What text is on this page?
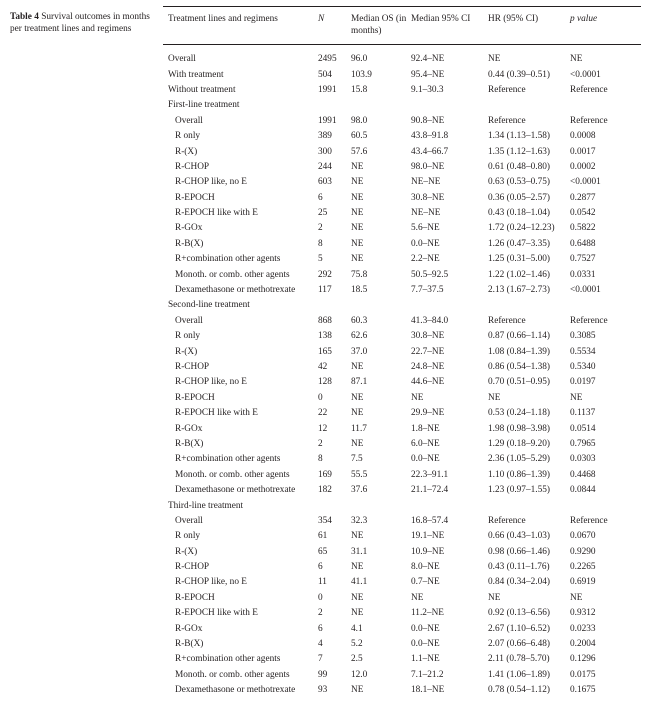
Table 4 Survival outcomes in months per treatment lines and regimens
Treatment lines and regimens	N	Median OS (in months)	Median 95% CI	HR (95% CI)	p value

Overall	2495	96.0	92.4–NE	NE	NE
With treatment	504	103.9	95.4–NE	0.44 (0.39–0.51)	<0.0001
Without treatment	1991	15.8	9.1–30.3	Reference	Reference
First-line treatment					
Overall	1991	98.0	90.8–NE	Reference	Reference
R only	389	60.5	43.8–91.8	1.34 (1.13–1.58)	0.0008
R-(X)	300	57.6	43.4–66.7	1.35 (1.12–1.63)	0.0017
R-CHOP	244	NE	98.0–NE	0.61 (0.48–0.80)	0.0002
R-CHOP like, no E	603	NE	NE–NE	0.63 (0.53–0.75)	<0.0001
R-EPOCH	6	NE	30.8–NE	0.36 (0.05–2.57)	0.2877
R-EPOCH like with E	25	NE	NE–NE	0.43 (0.18–1.04)	0.0542
R-GOx	2	NE	5.6–NE	1.72 (0.24–12.23)	0.5822
R-B(X)	8	NE	0.0–NE	1.26 (0.47–3.35)	0.6488
R+combination other agents	5	NE	2.2–NE	1.25 (0.31–5.00)	0.7527
Monoth. or comb. other agents	292	75.8	50.5–92.5	1.22 (1.02–1.46)	0.0331
Dexamethasone or methotrexate	117	18.5	7.7–37.5	2.13 (1.67–2.73)	<0.0001
Second-line treatment					
Overall	868	60.3	41.3–84.0	Reference	Reference
R only	138	62.6	30.8–NE	0.87 (0.66–1.14)	0.3085
R-(X)	165	37.0	22.7–NE	1.08 (0.84–1.39)	0.5534
R-CHOP	42	NE	24.8–NE	0.86 (0.54–1.38)	0.5340
R-CHOP like, no E	128	87.1	44.6–NE	0.70 (0.51–0.95)	0.0197
R-EPOCH	0	NE	NE	NE	NE
R-EPOCH like with E	22	NE	29.9–NE	0.53 (0.24–1.18)	0.1137
R-GOx	12	11.7	1.8–NE	1.98 (0.98–3.98)	0.0514
R-B(X)	2	NE	6.0–NE	1.29 (0.18–9.20)	0.7965
R+combination other agents	8	7.5	0.0–NE	2.36 (1.05–5.29)	0.0303
Monoth. or comb. other agents	169	55.5	22.3–91.1	1.10 (0.86–1.39)	0.4468
Dexamethasone or methotrexate	182	37.6	21.1–72.4	1.23 (0.97–1.55)	0.0844
Third-line treatment					
Overall	354	32.3	16.8–57.4	Reference	Reference
R only	61	NE	19.1–NE	0.66 (0.43–1.03)	0.0670
R-(X)	65	31.1	10.9–NE	0.98 (0.66–1.46)	0.9290
R-CHOP	6	NE	8.0–NE	0.43 (0.11–1.76)	0.2265
R-CHOP like, no E	11	41.1	0.7–NE	0.84 (0.34–2.04)	0.6919
R-EPOCH	0	NE	NE	NE	NE
R-EPOCH like with E	2	NE	11.2–NE	0.92 (0.13–6.56)	0.9312
R-GOx	6	4.1	0.0–NE	2.67 (1.10–6.52)	0.0233
R-B(X)	4	5.2	0.0–NE	2.07 (0.66–6.48)	0.2004
R+combination other agents	7	2.5	1.1–NE	2.11 (0.78–5.70)	0.1296
Monoth. or comb. other agents	99	12.0	7.1–21.2	1.41 (1.06–1.89)	0.0175
Dexamethasone or methotrexate	93	NE	18.1–NE	0.78 (0.54–1.12)	0.1675
